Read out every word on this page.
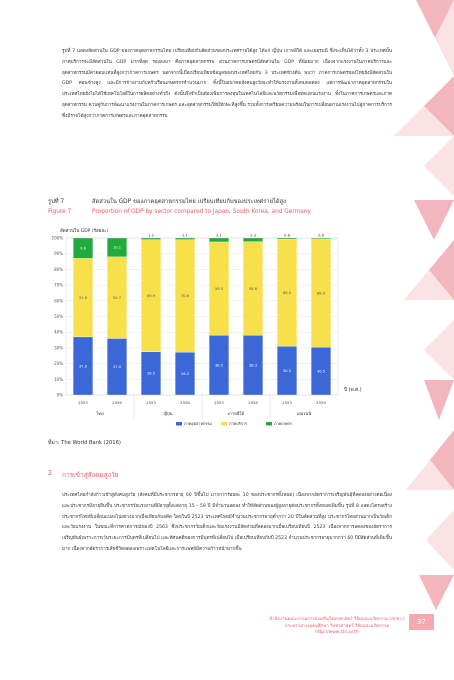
รูปที่ 7 แสดงสัดส่วนใน GDP ของภาคอุตสาหกรรมไทย เปรียบเทียบกับสัดส่วนของประเทศรายได้สูง ได้แก่ ญี่ปุ่น เกาหลีใต้ และเยอรมนี ซึ่งจะเห็นได้ว่าทั้ง 3 ประเทศนั้น ภาคบริการจะมีสัดส่วนใน GDP มากที่สุด รองลงมา คือภาคอุตสาหกรรม ส่วนภาคการเกษตรมีสัดส่วนใน GDP ที่น้อยมาก เนื่องจากแรงงานในภาคบริการและอุตสาหกรรมมีค่าตอบแทนที่สูงกว่าภาคการเกษตร นอกจากนี้เมื่อเปรียบเทียบข้อมูลของประเทศไทยกับ 3 ประเทศข้างต้น พบว่า ภาคการเกษตรของไทยยังมีสัดส่วนใน GDP ค่อนข้างสูง และมีการจ้างงานกับครัวเรือนเกษตรกรจำนวนมาก ทั้งนี้ในอนาคตสังคมสูงวัยจะทำให้แรงงานทั้งหมดลดลง แต่การพัฒนาภาคอุตสาหกรรมในประเทศไทยยังไม่ได้ใช้เทคโนโลยีในการผลิตอย่างทั่วถึง ดังนั้นจึงจำเป็นต้องเพิ่มการลงทุนในเทคโนโลยีและนวัตกรรมเพื่อทดแทนแรงงาน ทั้งในภาคการเกษตรและภาคอุตสาหกรรม ควบคู่กับการพัฒนาแรงงานในภาคการเกษตร และอุตสาหกรรมให้มีทักษะที่สูงขึ้น รวมทั้งการเตรียมความพร้อมในการเปลี่ยนผ่านแรงงานไปสู่ภาคการบริการ ซึ่งมีรายได้สูงกว่าภาคการเกษตรและภาคอุตสาหกรรม
รูปที่ 7	สัดส่วนใน GDP ของภาคอุตสาหกรรมไทย เปรียบเทียบกับของประเทศรายได้สูง
Figure 7	Proportion of GDP by sector compared to Japan, South Korea, and Germany
0%
10%
20%
30%
40%
50%
60%
70%
80%
90%
100%
สัดส่วนใน GDP (ร้อยละ)
37.0
51.6
9.6
2553
37.0
50.7
10.1
2559
28.5
69.9
1.2
2553
26.2
70.6
1.1
2558
38.5
59.5
2.1
2553
38.3
58.8
2.3
2558
30.5
68.0
0.8
2553
30.5
68.9
0.6
2559
ไทย	ญี่ปุ่น	เกาหลีใต้	เยอรมนี
ปี (พ.ศ.)
ภาคอุตสาหกรรม	ภาคบริการ	ภาคเกษตร
ที่มา: The World Bank (2016)
2 การเข้าสู่สังคมสูงวัย
ประเทศไทยกำลังก้าวเข้าสู่สังคมสูงวัย (สังคมที่มีประชากรอายุ 60 ปีขึ้นไป มากกว่าร้อยละ 10 ของประชากรทั้งหมด) เนื่องจากอัตราการเจริญพันธุ์ที่ลดลงอย่างต่อเนื่องและประชากรมีอายุยืนขึ้น ประชากรวัยแรงงานที่มีอายุตั้งแต่อายุ 15 - 59 ปี มีจำนวนลดลง ทำให้สัดส่วนของผู้สูงอายุต่อประชากรทั้งหมดเพิ่มขึ้น รูปที่ 8 แสดงโครงสร้างประชากรไทยที่เปลี่ยนแปลงไปอย่างมากเมื่อเทียบกับอดีต โดยในปี 2523 ประเทศไทยมีจำนวนประชากรอายุต่ำกว่า 20 ปีในสัดส่วนที่สูง ประชากรไทยส่วนมากเป็นวัยเด็กและวัยแรงงาน ในขณะที่การคาดการณ์ของปี 2563 ซึ่งประชากรวัยเด็กและวัยแรงงานมีสัดส่วนที่ลดลงมากเมื่อเปรียบเทียบปี 2523 เนื่องจากการลดลงของอัตราการเจริญพันธุ์เพราะการเว้นระยะการมีบุตรที่เปลี่ยนไป และทัศนคติของการมีบุตรที่เปลี่ยนไป เมื่อเปรียบเทียบกับปี 2523 จำนวนประชากรอายุมากกว่า 60 ปีมีสัดส่วนที่เพิ่มขึ้นมาก เนื่องจากอัตราการเสียชีวิตลดลงเพราะเทคโนโลยีและการแพทย์มีความก้าวหน้ามากขึ้น
สำนักงานคณะกรรมการส่งเสริมวิทยาศาสตร์ วิจัยและนวัตกรรม (สกสว.)
กระทรวงการอุดมศึกษา วิทยาศาสตร์ วิจัยและนวัตกรรม
http://www.stri.or.th
37
